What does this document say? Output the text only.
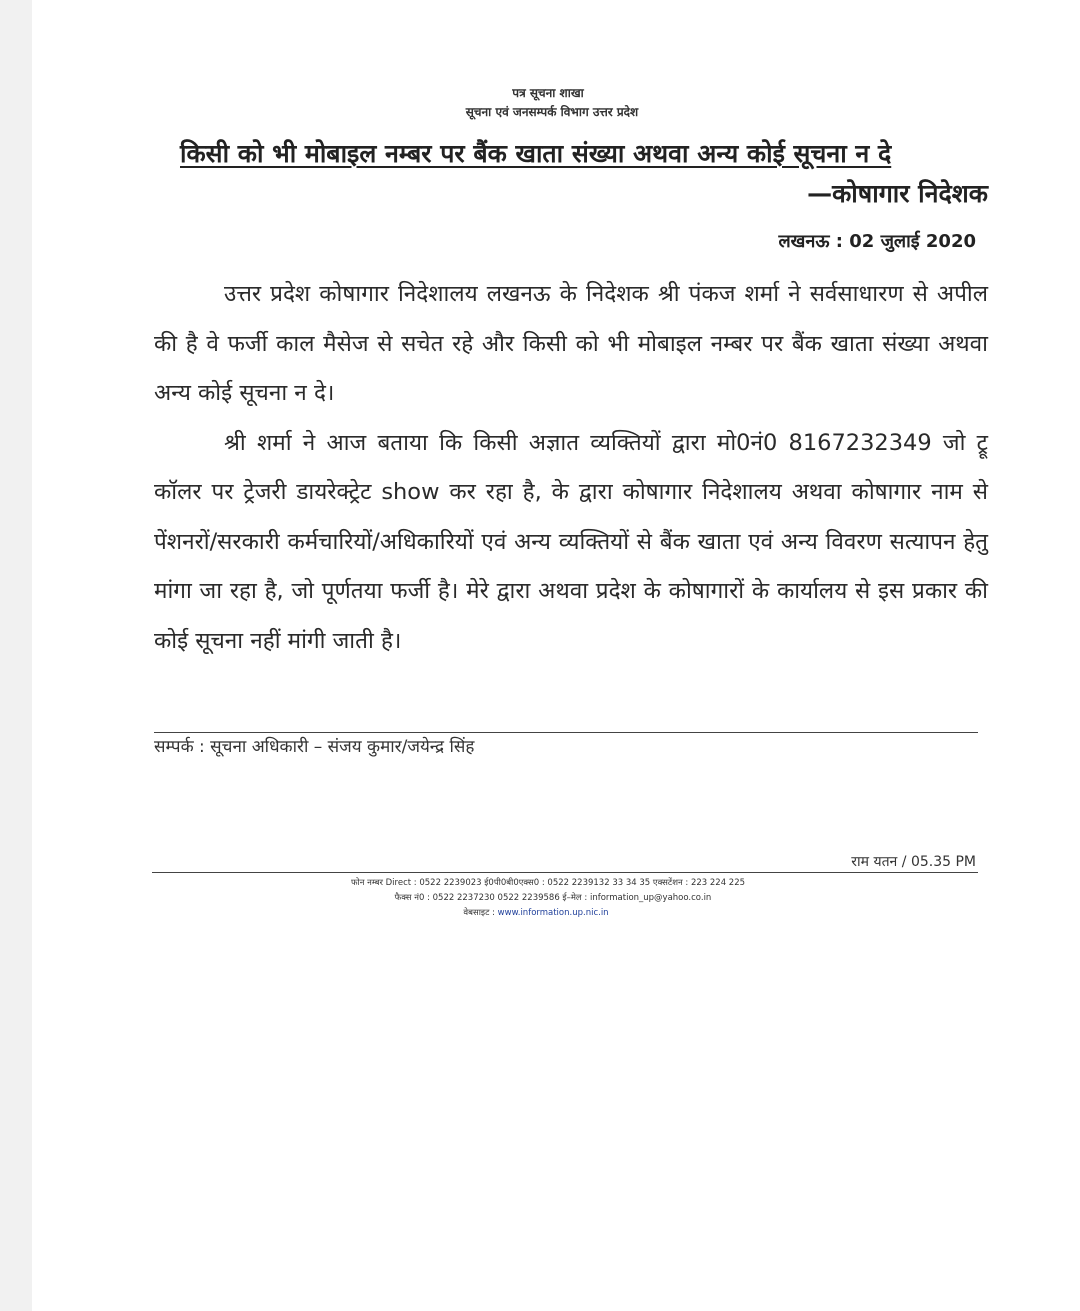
पत्र सूचना शाखा
सूचना एवं जनसम्पर्क विभाग उत्तर प्रदेश
किसी को भी मोबाइल नम्बर पर बैंक खाता संख्या अथवा अन्य कोई सूचना न दे
—कोषागार निदेशक
लखनऊ : 02 जुलाई 2020

उत्तर प्रदेश कोषागार निदेशालय लखनऊ के निदेशक श्री पंकज शर्मा ने सर्वसाधारण से अपील की है वे फर्जी काल मैसेज से सचेत रहे और किसी को भी मोबाइल नम्बर पर बैंक खाता संख्या अथवा अन्य कोई सूचना न दे।

श्री शर्मा ने आज बताया कि किसी अज्ञात व्यक्तियों द्वारा मो0नं0 8167232349 जो ट्रू कॉलर पर ट्रेजरी डायरेक्ट्रेट show कर रहा है, के द्वारा कोषागार निदेशालय अथवा कोषागार नाम से पेंशनरों/सरकारी कर्मचारियों/अधिकारियों एवं अन्य व्यक्तियों से बैंक खाता एवं अन्य विवरण सत्यापन हेतु मांगा जा रहा है, जो पूर्णतया फर्जी है। मेरे द्वारा अथवा प्रदेश के कोषागारों के कार्यालय से इस प्रकार की कोई सूचना नहीं मांगी जाती है।

सम्पर्क : सूचना अधिकारी – संजय कुमार/जयेन्द्र सिंह
राम यतन / 05.35 PM
फोन नम्बर Direct : 0522 2239023 ई0पी0बी0एक्स0 : 0522 2239132 33 34 35 एक्सटेंशन : 223 224 225
फैक्स नं0 : 0522 2237230 0522 2239586 ई–मेल : information_up@yahoo.co.in
वेबसाइट : www.information.up.nic.in
